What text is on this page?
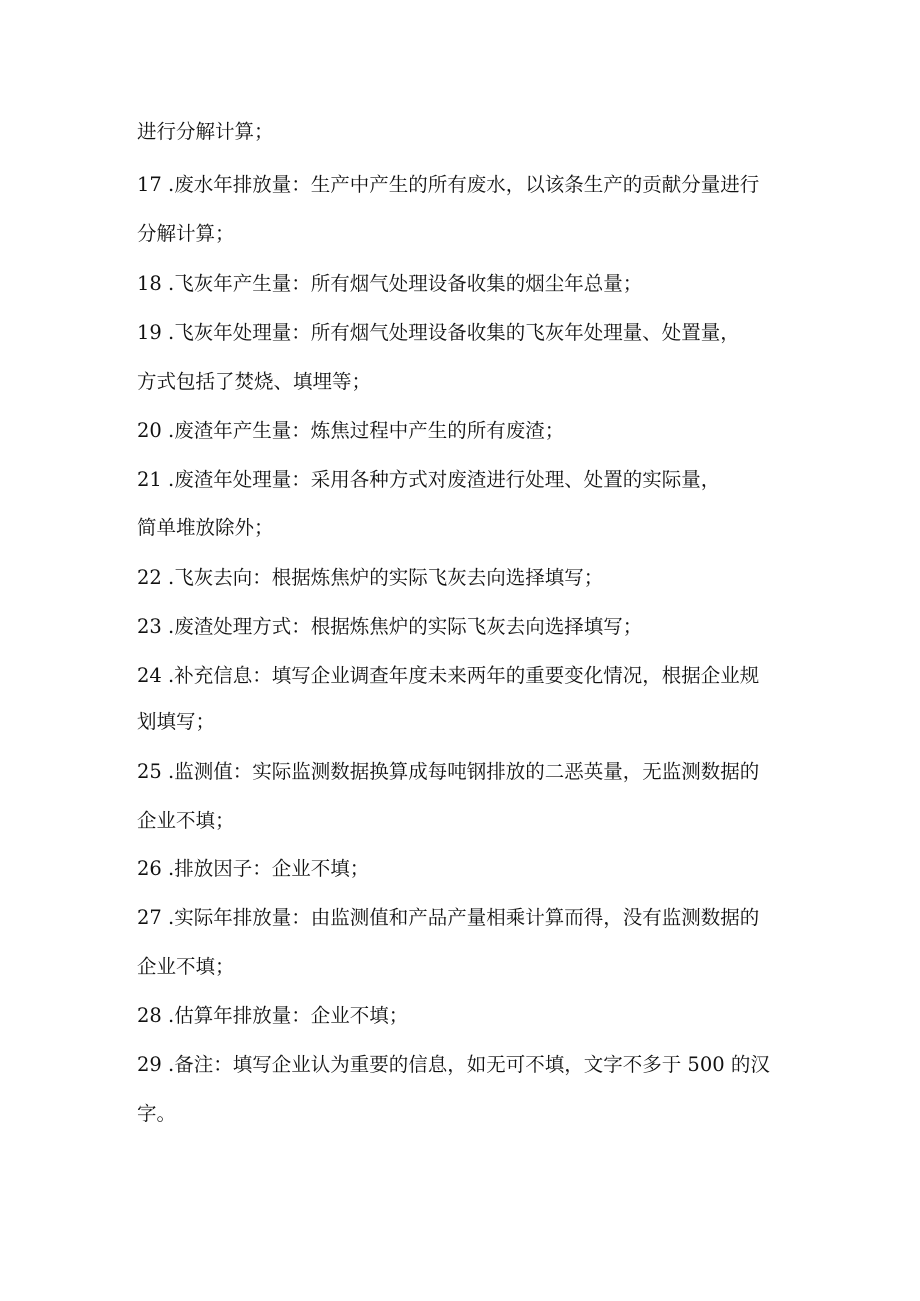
进行分解计算；
17 .废水年排放量：生产中产生的所有废水，以该条生产的贡献分量进行
分解计算；
18 .飞灰年产生量：所有烟气处理设备收集的烟尘年总量；
19 .飞灰年处理量：所有烟气处理设备收集的飞灰年处理量、处置量，
方式包括了焚烧、填埋等；
20 .废渣年产生量：炼焦过程中产生的所有废渣；
21 .废渣年处理量：采用各种方式对废渣进行处理、处置的实际量，
简单堆放除外；
22 .飞灰去向：根据炼焦炉的实际飞灰去向选择填写；
23 .废渣处理方式：根据炼焦炉的实际飞灰去向选择填写；
24 .补充信息：填写企业调查年度未来两年的重要变化情况，根据企业规
划填写；
25 .监测值：实际监测数据换算成每吨钢排放的二恶英量，无监测数据的
企业不填；
26 .排放因子：企业不填；
27 .实际年排放量：由监测值和产品产量相乘计算而得，没有监测数据的
企业不填；
28 .估算年排放量：企业不填；
29 .备注：填写企业认为重要的信息，如无可不填，文字不多于 500 的汉
字。
